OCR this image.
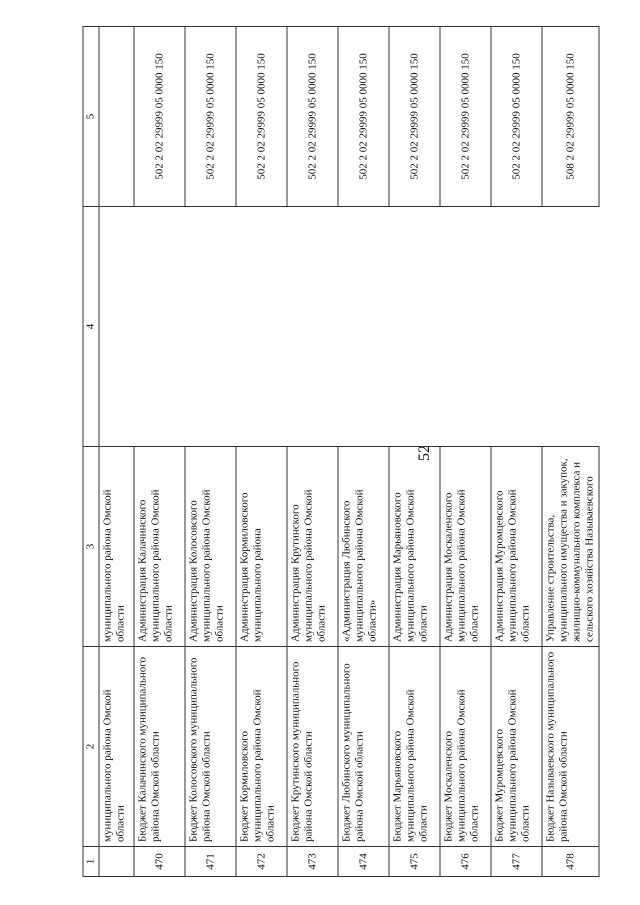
52
1	2	3	4	5
	муниципального района Омской области	муниципального района Омской области		
470	Бюджет Калачинского муниципального района Омской области	Администрация Калачинского муниципального района Омской области		502 2 02 29999 05 0000 150
471	Бюджет Колосовского муниципального района Омской области	Администрация Колосовского муниципального района Омской области		502 2 02 29999 05 0000 150
472	Бюджет Кормиловского муниципального района Омской области	Администрация Кормиловского муниципального района		502 2 02 29999 05 0000 150
473	Бюджет Крутинского муниципального района Омской области	Администрация Крутинского муниципального района Омской области		502 2 02 29999 05 0000 150
474	Бюджет Любинского муниципального района Омской области	«Администрация Любинского муниципального района Омской области»		502 2 02 29999 05 0000 150
475	Бюджет Марьяновского муниципального района Омской области	Администрация Марьяновского муниципального района Омской области		502 2 02 29999 05 0000 150
476	Бюджет Москаленского муниципального района Омской области	Администрация Москаленского муниципального района Омской области		502 2 02 29999 05 0000 150
477	Бюджет Муромцевского муниципального района Омской области	Администрация Муромцевского муниципального района Омской области		502 2 02 29999 05 0000 150
478	Бюджет Называевского муниципального района Омской области	Управление строительства, муниципального имущества и закупок, жилищно-коммунального комплекса и сельского хозяйства Называевского		508 2 02 29999 05 0000 150
